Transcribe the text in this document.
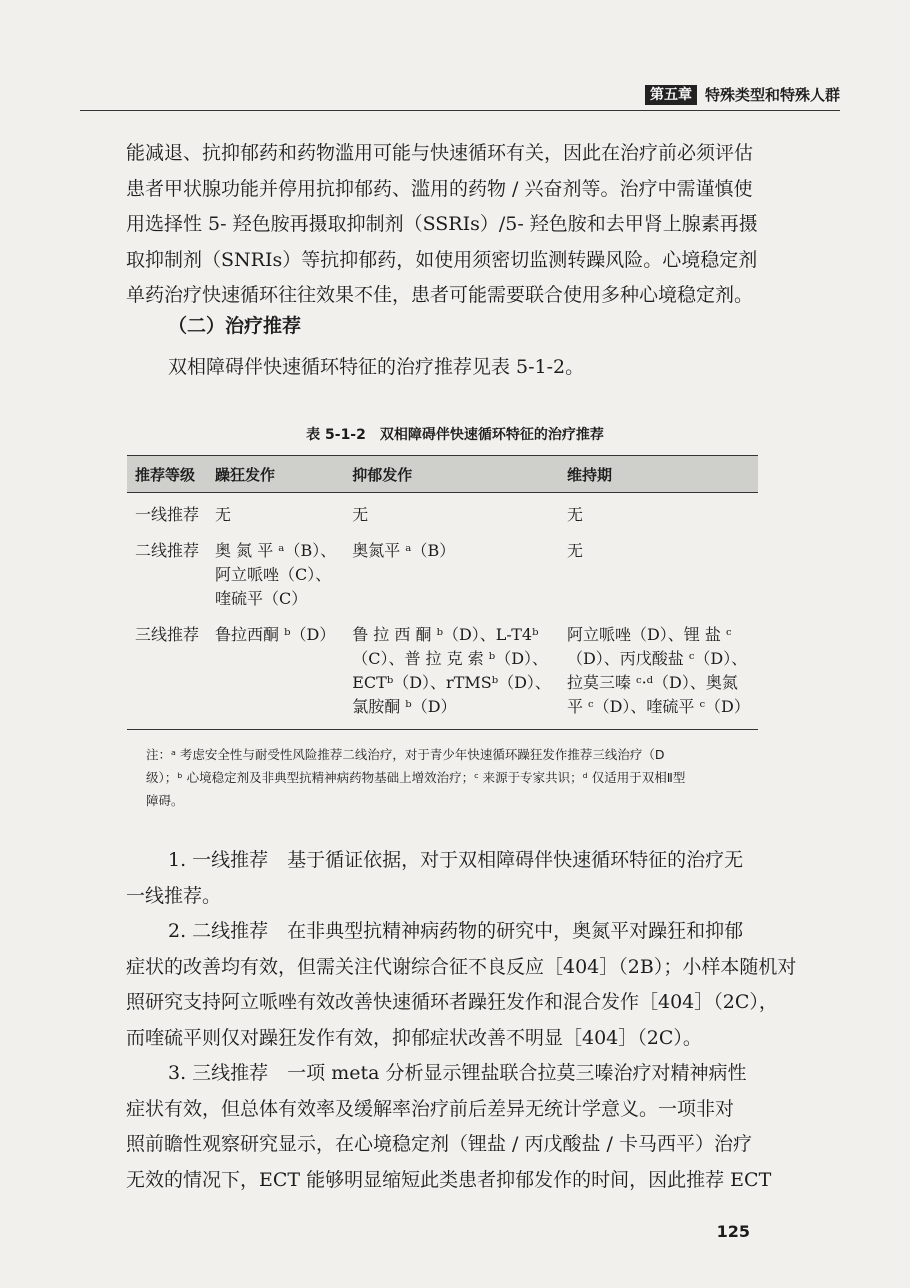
第五章 特殊类型和特殊人群

能减退、抗抑郁药和药物滥用可能与快速循环有关，因此在治疗前必须评估
患者甲状腺功能并停用抗抑郁药、滥用的药物 / 兴奋剂等。治疗中需谨慎使
用选择性 5- 羟色胺再摄取抑制剂（SSRIs）/5- 羟色胺和去甲肾上腺素再摄
取抑制剂（SNRIs）等抗抑郁药，如使用须密切监测转躁风险。心境稳定剂
单药治疗快速循环往往效果不佳，患者可能需要联合使用多种心境稳定剂。

（二）治疗推荐

双相障碍伴快速循环特征的治疗推荐见表 5-1-2。

表 5-1-2 双相障碍伴快速循环特征的治疗推荐
推荐等级	躁狂发作	抑郁发作	维持期

一线推荐	无	无	无

二线推荐	奥 氮 平 ᵃ（B）、
阿立哌唑（C）、
喹硫平（C）	奥氮平 ᵃ（B）	无

三线推荐	鲁拉西酮 ᵇ（D）	鲁 拉 西 酮 ᵇ（D）、L-T4ᵇ
（C）、普 拉 克 索 ᵇ（D）、
ECTᵇ（D）、rTMSᵇ（D）、
氯胺酮 ᵇ（D）	阿立哌唑（D）、锂 盐 ᶜ
（D）、丙戊酸盐 ᶜ（D）、
拉莫三嗪 ᶜ·ᵈ（D）、奥氮
平 ᶜ（D）、喹硫平 ᶜ（D）

注：ᵃ 考虑安全性与耐受性风险推荐二线治疗，对于青少年快速循环躁狂发作推荐三线治疗（D
级）；ᵇ 心境稳定剂及非典型抗精神病药物基础上增效治疗；ᶜ 来源于专家共识；ᵈ 仅适用于双相Ⅱ型
障碍。

1. 一线推荐　基于循证依据，对于双相障碍伴快速循环特征的治疗无
一线推荐。

2. 二线推荐　在非典型抗精神病药物的研究中，奥氮平对躁狂和抑郁
症状的改善均有效，但需关注代谢综合征不良反应［404］（2B）；小样本随机对
照研究支持阿立哌唑有效改善快速循环者躁狂发作和混合发作［404］（2C），
而喹硫平则仅对躁狂发作有效，抑郁症状改善不明显［404］（2C）。

3. 三线推荐　一项 meta 分析显示锂盐联合拉莫三嗪治疗对精神病性
症状有效，但总体有效率及缓解率治疗前后差异无统计学意义。一项非对
照前瞻性观察研究显示，在心境稳定剂（锂盐 / 丙戊酸盐 / 卡马西平）治疗
无效的情况下，ECT 能够明显缩短此类患者抑郁发作的时间，因此推荐 ECT

125
